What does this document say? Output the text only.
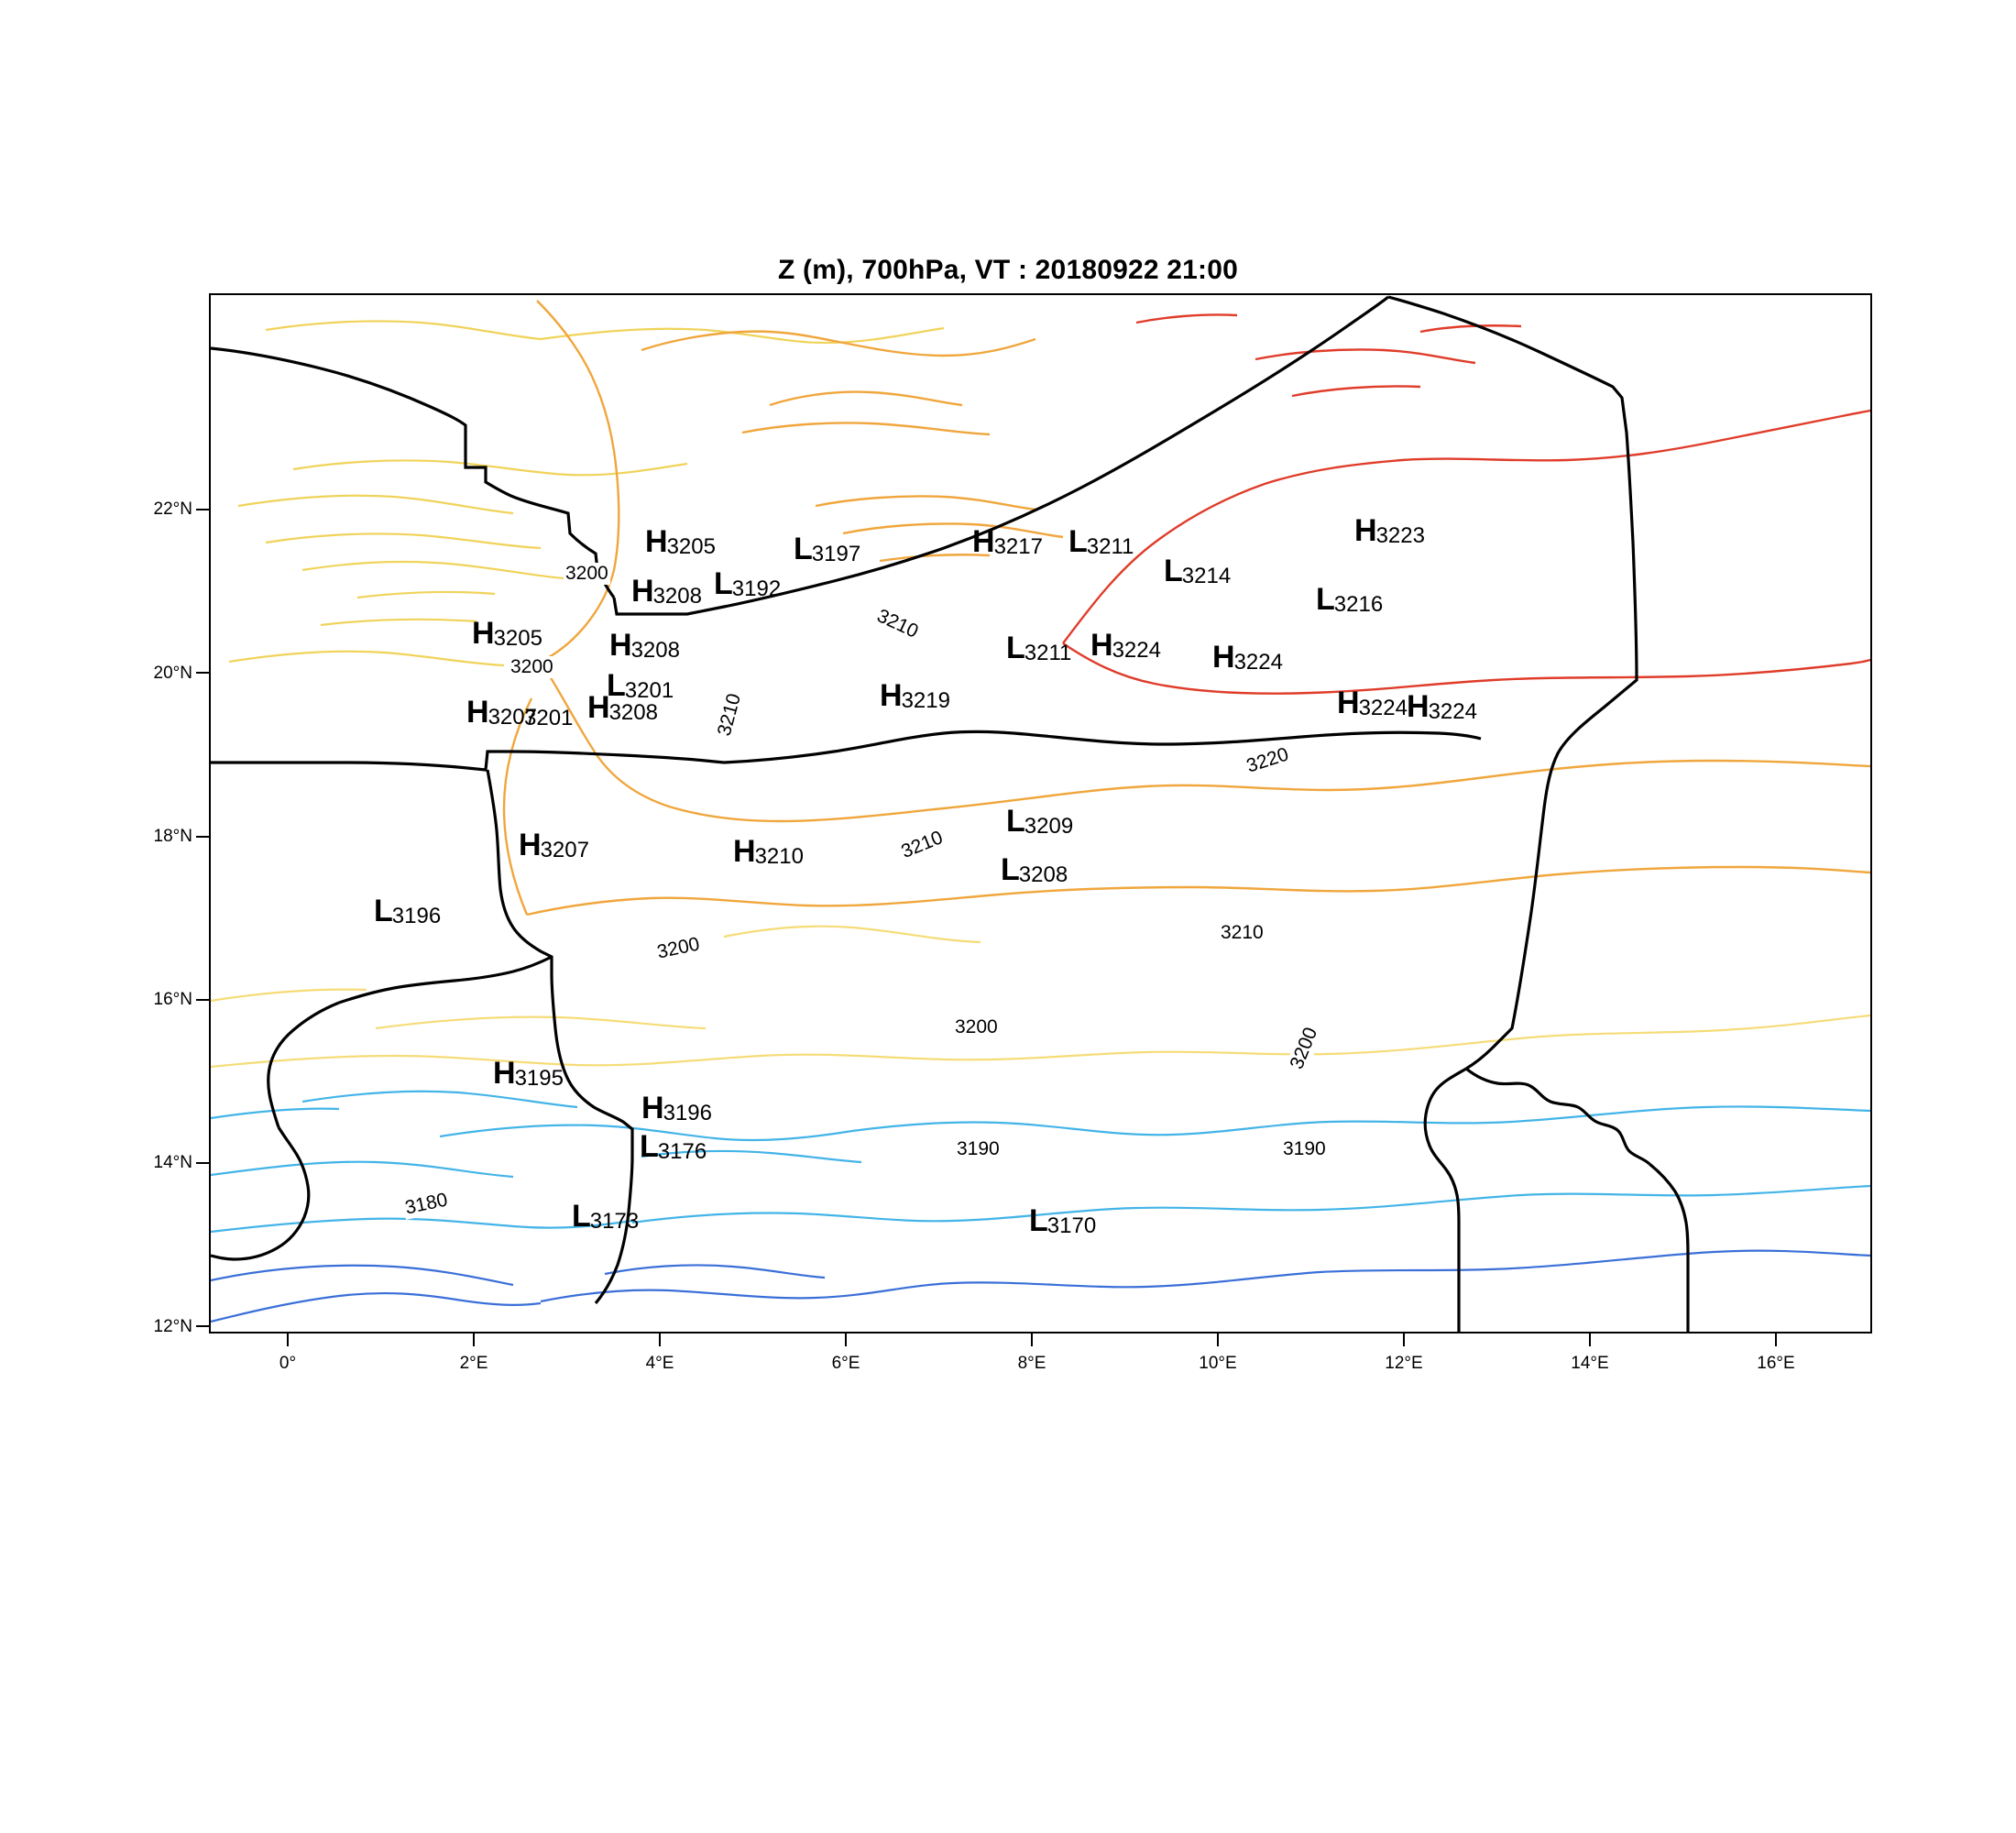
Z (m), 700hPa, VT : 20180922 21:00
12°N
14°N
16°N
18°N
20°N
22°N
0°	2°E	4°E	6°E	8°E	10°E	12°E	14°E	16°E
3200
3210
3200
3210
3220
3210
3210
3200
3200	3200
3190	3190
3180
H3205	L3197	H3217 L3211	H3223
H3208 L3192
L3214
L3216
H3205 H3208	L3211 H3224 H3224
L3201	H3219
H3207 H3208	H3224 H3224
L3209
H3207	H3210	L3208
L3196
H3195
H3196
L3176
L3173	L3170
3201
